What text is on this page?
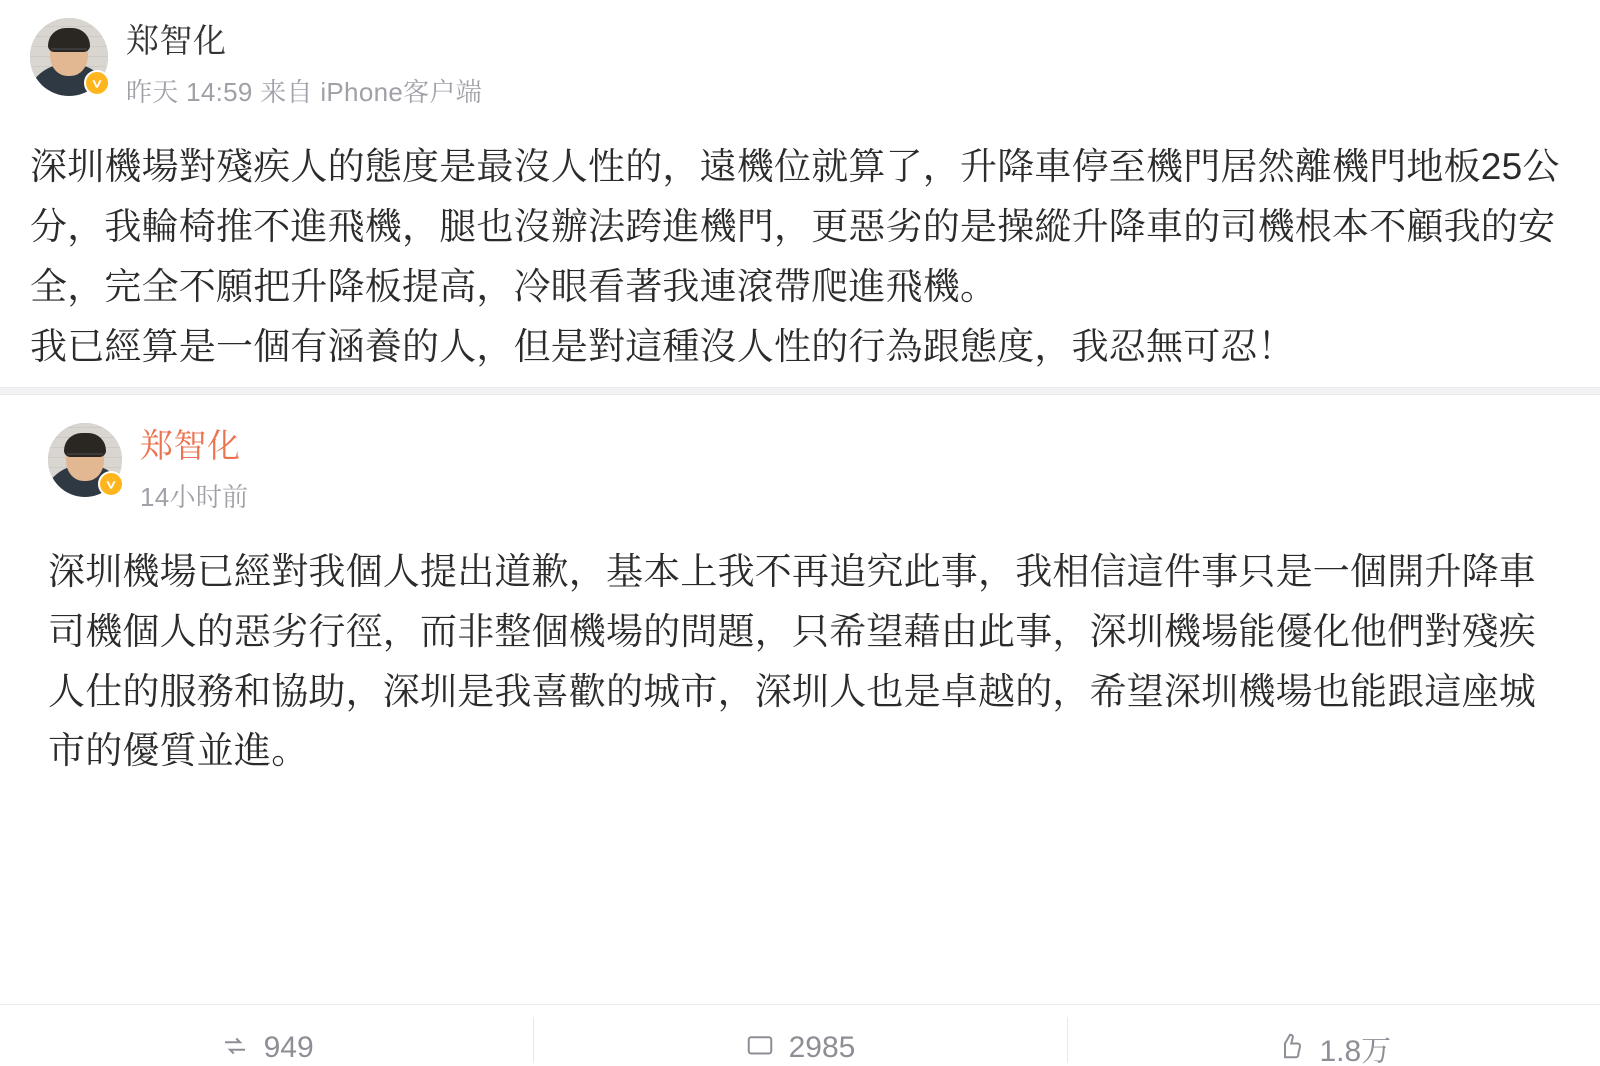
郑智化
昨天 14:59 来自 iPhone客户端

深圳機場對殘疾人的態度是最沒人性的，遠機位就算了，升降車停至機門居然離機門地板25公分，我輪椅推不進飛機，腿也沒辦法跨進機門，更惡劣的是操縱升降車的司機根本不顧我的安全，完全不願把升降板提高，冷眼看著我連滾帶爬進飛機。

我已經算是一個有涵養的人，但是對這種沒人性的行為跟態度，我忍無可忍！

郑智化
14小时前

深圳機場已經對我個人提出道歉，基本上我不再追究此事，我相信這件事只是一個開升降車司機個人的惡劣行徑，而非整個機場的問題，只希望藉由此事，深圳機場能優化他們對殘疾人仕的服務和協助，深圳是我喜歡的城市，深圳人也是卓越的，希望深圳機場也能跟這座城市的優質並進。

949	2985	1.8万
